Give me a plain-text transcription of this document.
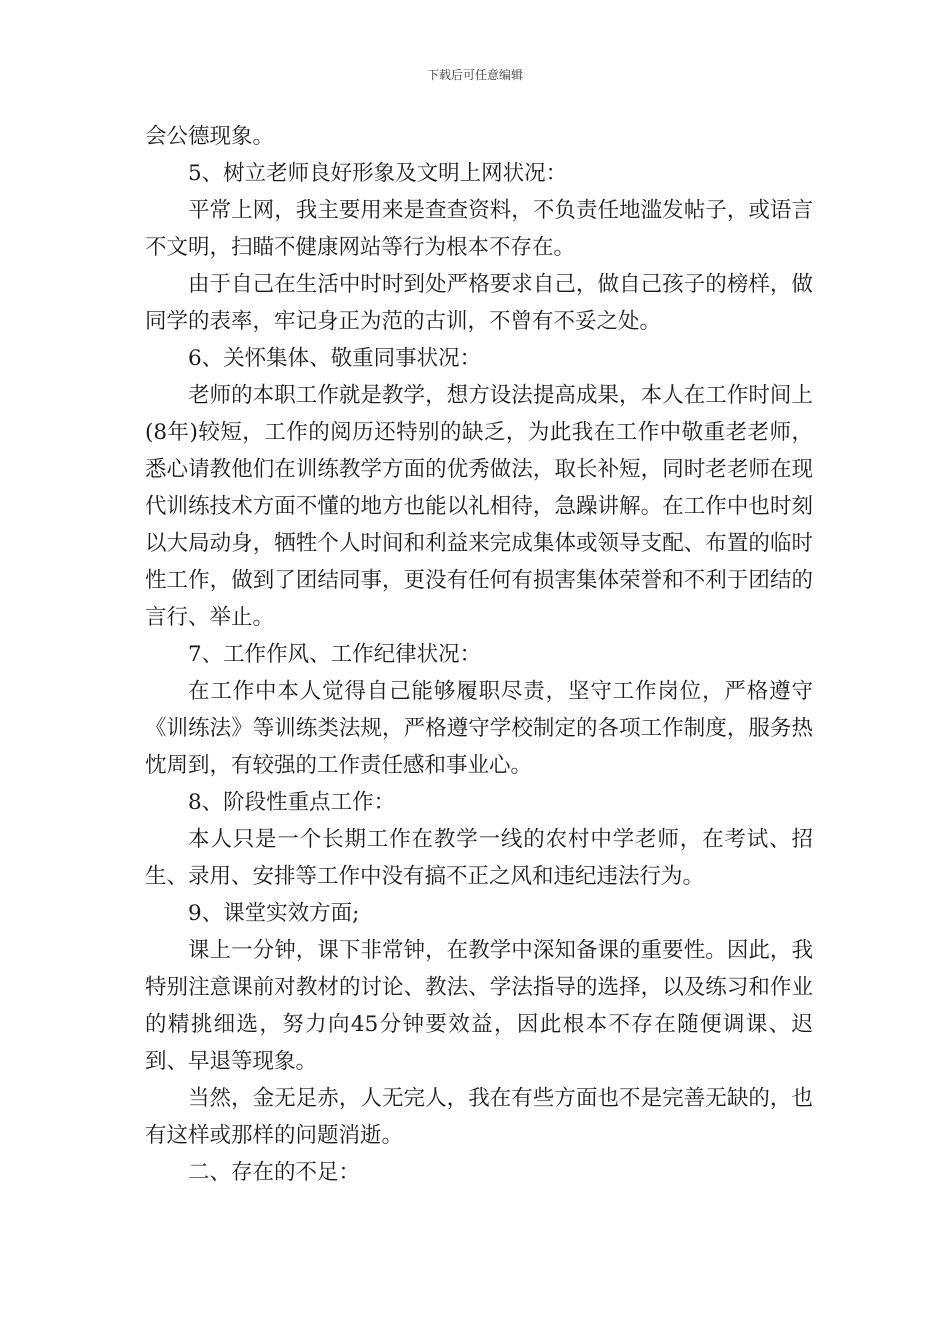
下载后可任意编辑

会公德现象。

5、树立老师良好形象及文明上网状况：

平常上网，我主要用来是查查资料，不负责任地滥发帖子，或语言不文明，扫瞄不健康网站等行为根本不存在。

由于自己在生活中时时到处严格要求自己，做自己孩子的榜样，做同学的表率，牢记身正为范的古训，不曾有不妥之处。

6、关怀集体、敬重同事状况：

老师的本职工作就是教学，想方设法提高成果，本人在工作时间上(8年)较短，工作的阅历还特别的缺乏，为此我在工作中敬重老老师，悉心请教他们在训练教学方面的优秀做法，取长补短，同时老老师在现代训练技术方面不懂的地方也能以礼相待，急躁讲解。在工作中也时刻以大局动身，牺牲个人时间和利益来完成集体或领导支配、布置的临时性工作，做到了团结同事，更没有任何有损害集体荣誉和不利于团结的言行、举止。

7、工作作风、工作纪律状况：

在工作中本人觉得自己能够履职尽责，坚守工作岗位，严格遵守《训练法》等训练类法规，严格遵守学校制定的各项工作制度，服务热忱周到，有较强的工作责任感和事业心。

8、阶段性重点工作：

本人只是一个长期工作在教学一线的农村中学老师，在考试、招生、录用、安排等工作中没有搞不正之风和违纪违法行为。

9、课堂实效方面;

课上一分钟，课下非常钟，在教学中深知备课的重要性。因此，我特别注意课前对教材的讨论、教法、学法指导的选择，以及练习和作业的精挑细选，努力向45分钟要效益，因此根本不存在随便调课、迟到、早退等现象。

当然，金无足赤，人无完人，我在有些方面也不是完善无缺的，也有这样或那样的问题消逝。

二、存在的不足：
